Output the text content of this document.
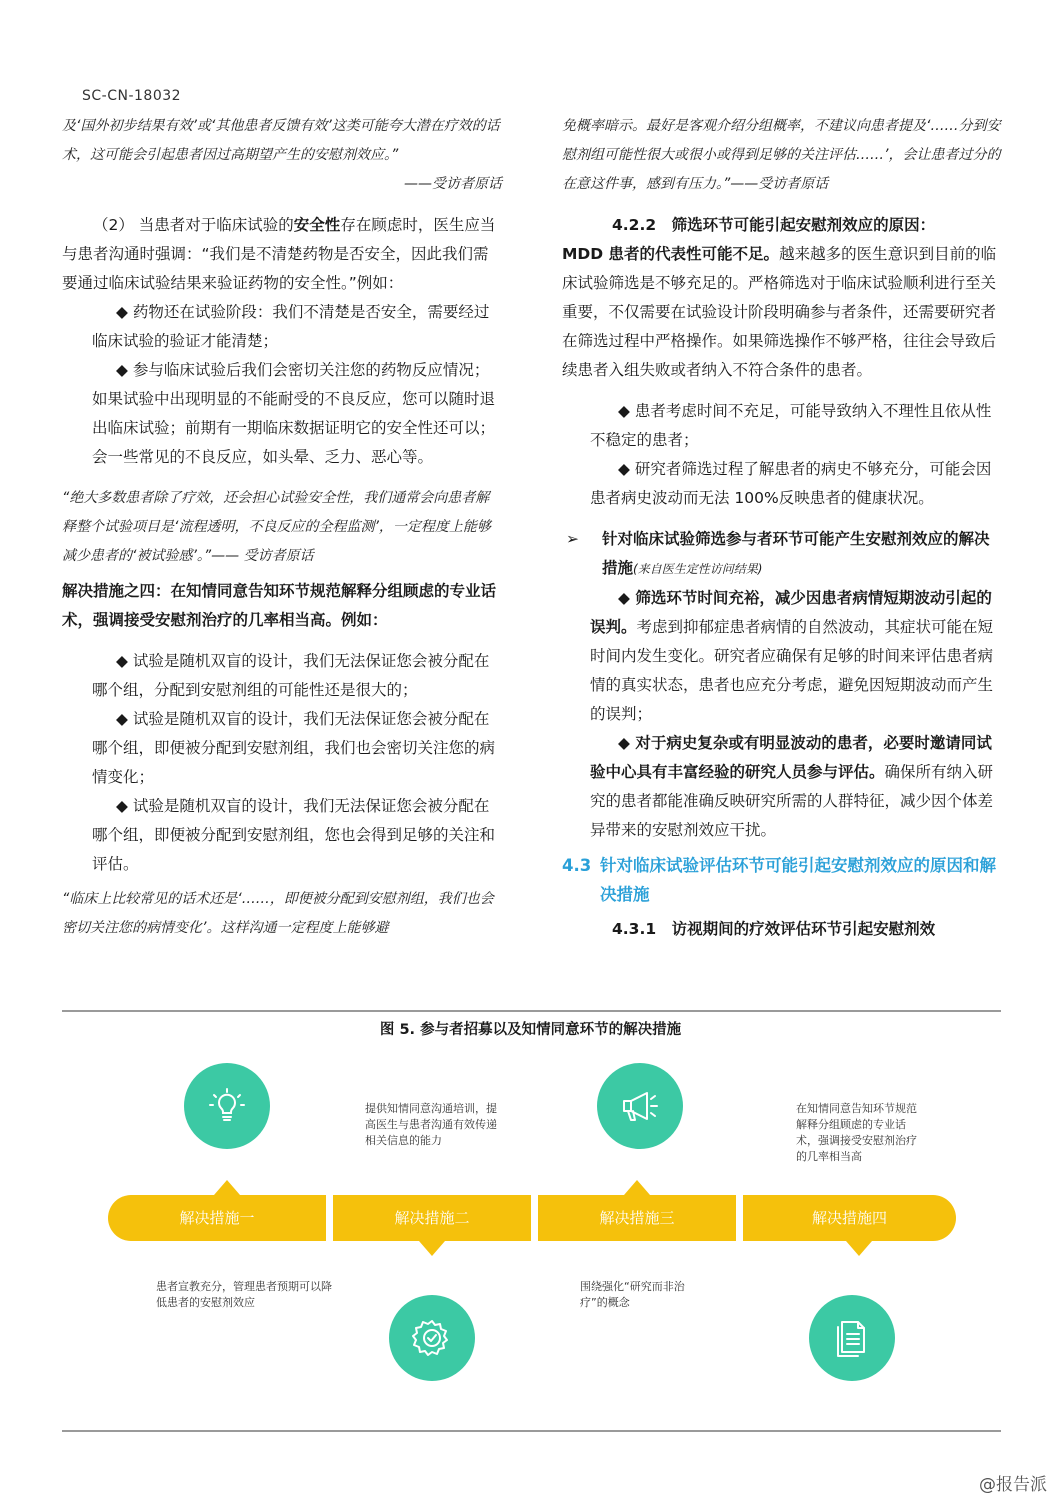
SC-CN-18032

及‘国外初步结果有效’或‘其他患者反馈有效’这类可能夸大潜在疗效的话术，这可能会引起患者因过高期望产生的安慰剂效应。”

——受访者原话

（2） 当患者对于临床试验的安全性存在顾虑时，医生应当与患者沟通时强调：“我们是不清楚药物是否安全，因此我们需要通过临床试验结果来验证药物的安全性。”例如：

◆ 药物还在试验阶段：我们不清楚是否安全，需要经过临床试验的验证才能清楚；

◆ 参与临床试验后我们会密切关注您的药物反应情况；如果试验中出现明显的不能耐受的不良反应，您可以随时退出临床试验；前期有一期临床数据证明它的安全性还可以；会一些常见的不良反应，如头晕、乏力、恶心等。

“绝大多数患者除了疗效，还会担心试验安全性，我们通常会向患者解释整个试验项目是‘流程透明，不良反应的全程监测’，一定程度上能够减少患者的‘被试验感’。”—— 受访者原话

解决措施之四：在知情同意告知环节规范解释分组顾虑的专业话术，强调接受安慰剂治疗的几率相当高。例如：

◆ 试验是随机双盲的设计，我们无法保证您会被分配在哪个组，分配到安慰剂组的可能性还是很大的；

◆ 试验是随机双盲的设计，我们无法保证您会被分配在哪个组，即便被分配到安慰剂组，我们也会密切关注您的病情变化；

◆ 试验是随机双盲的设计，我们无法保证您会被分配在哪个组，即便被分配到安慰剂组，您也会得到足够的关注和评估。

“临床上比较常见的话术还是‘……，即便被分配到安慰剂组，我们也会密切关注您的病情变化’。这样沟通一定程度上能够避

免概率暗示。最好是客观介绍分组概率，不建议向患者提及‘……分到安慰剂组可能性很大或很小或得到足够的关注评估……’，会让患者过分的在意这件事，感到有压力。”——受访者原话

4.2.2　筛选环节可能引起安慰剂效应的原因：

MDD 患者的代表性可能不足。越来越多的医生意识到目前的临床试验筛选是不够充足的。严格筛选对于临床试验顺利进行至关重要，不仅需要在试验设计阶段明确参与者条件，还需要研究者在筛选过程中严格操作。如果筛选操作不够严格，往往会导致后续患者入组失败或者纳入不符合条件的患者。

◆ 患者考虑时间不充足，可能导致纳入不理性且依从性不稳定的患者；

◆ 研究者筛选过程了解患者的病史不够充分，可能会因患者病史波动而无法 100%反映患者的健康状况。

➢ 针对临床试验筛选参与者环节可能产生安慰剂效应的解决措施(来自医生定性访问结果)

◆ 筛选环节时间充裕，减少因患者病情短期波动引起的误判。考虑到抑郁症患者病情的自然波动，其症状可能在短时间内发生变化。研究者应确保有足够的时间来评估患者病情的真实状态，患者也应充分考虑，避免因短期波动而产生的误判；

◆ 对于病史复杂或有明显波动的患者，必要时邀请同试验中心具有丰富经验的研究人员参与评估。确保所有纳入研究的患者都能准确反映研究所需的人群特征，减少因个体差异带来的安慰剂效应干扰。

4.3 针对临床试验评估环节可能引起安慰剂效应的原因和解决措施

4.3.1　访视期间的疗效评估环节引起安慰剂效

图 5. 参与者招募以及知情同意环节的解决措施
解决措施一	解决措施二	解决措施三	解决措施四
提供知情同意沟通培训，提高医生与患者沟通有效传递相关信息的能力
在知情同意告知环节规范解释分组顾虑的专业话术，强调接受安慰剂治疗的几率相当高
患者宣教充分，管理患者预期可以降低患者的安慰剂效应
围绕强化“研究而非治疗”的概念
@报告派
